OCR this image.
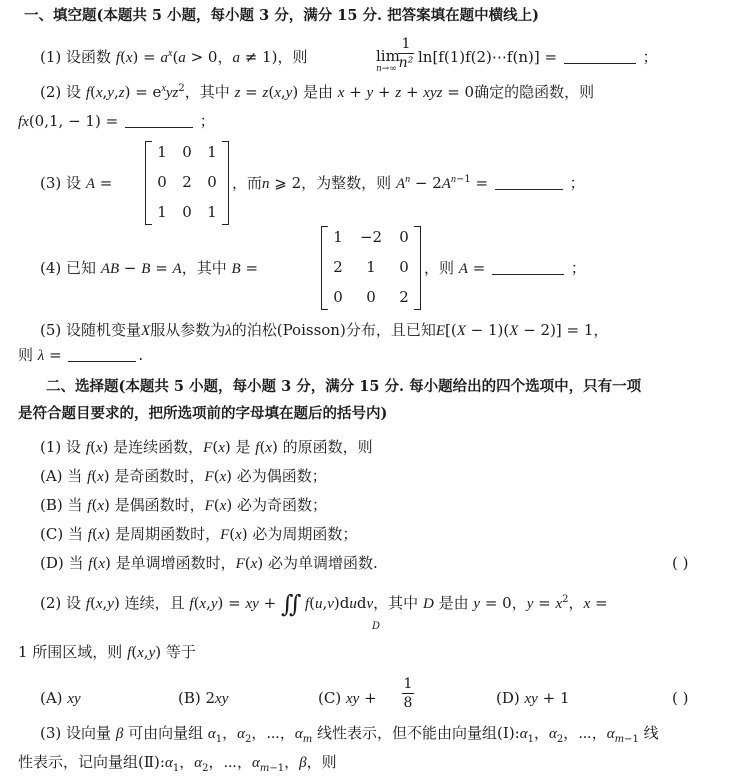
一、填空题(本题共 5 小题，每小题 3 分，满分 15 分. 把答案填在题中横线上)
(1) 设函数 $f(x) = a^x(a > 0$，a ≠ 1)，则	lim
n→∞
1
n² ln[f(1)f(2)⋯f(n)] =	；
(2) 设 $f(x,y,z) = e^xyz^2$，其中 z = z(x,y) 是由 x + y + z + xyz = 0确定的隐函数，则
fx(0,1, − 1) =	；
(3) 设 A =
1	0	1
0	2	0
1	0	1
，而n ⩾ 2，为整数，则 $A^n - 2A^{n-1}$ =	；
(4) 已知 AB − B = A，其中 B =
1	−2	0
2	1	0
0	0	2
，则 A =	；
(5) 设随机变量X服从参数为λ的泊松(Poisson)分布，且已知E[(X − 1)(X − 2)] = 1，
则 λ =	.
二、选择题(本题共 5 小题，每小题 3 分，满分 15 分. 每小题给出的四个选项中，只有一项
是符合题目要求的，把所选项前的字母填在题后的括号内)
(1) 设 f(x) 是连续函数，F(x) 是 f(x) 的原函数，则
(A) 当 f(x) 是奇函数时，F(x) 必为偶函数；
(B) 当 f(x) 是偶函数时，F(x) 必为奇函数；
(C) 当 f(x) 是周期函数时，F(x) 必为周期函数；
(D) 当 f(x) 是单调增函数时，F(x) 必为单调增函数.	( )
(2) 设 f(x,y) 连续，且 f(x,y) = xy + ∬ f(u,v)dudv，其中 D 是由 y = 0，$y = x^2$，x =
D
1 所围区域，则 f(x,y) 等于
(A) xy	(B) 2xy	(C) xy +
1
8	(D) xy + 1	( )
(3) 设向量 β 可由向量组 $\alpha_1$，$\alpha_2$，⋯，$\alpha_m$ 线性表示，但不能由向量组$(Ⅰ):\alpha_1$，$\alpha_2$，⋯，$\alpha_{m-1}$ 线
性表示，记向量组$(Ⅱ):\alpha_1$，$\alpha_2$，⋯，$\alpha_{m-1}$，β，则
